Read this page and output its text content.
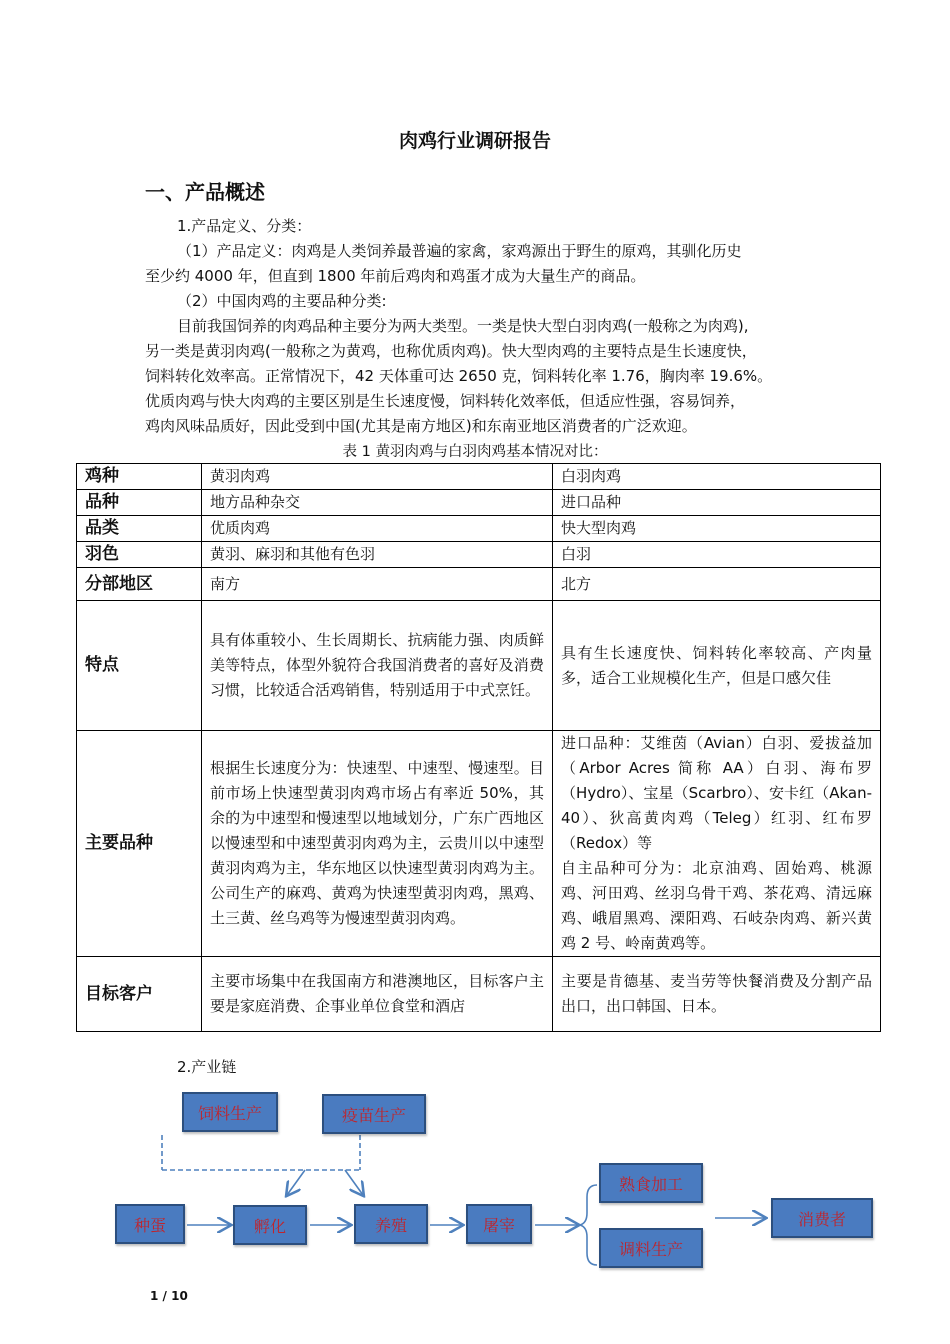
肉鸡行业调研报告
一、产品概述
1.产品定义、分类：
（1）产品定义：肉鸡是人类饲养最普遍的家禽，家鸡源出于野生的原鸡，其驯化历史
至少约 4000 年，但直到 1800 年前后鸡肉和鸡蛋才成为大量生产的商品。
（2）中国肉鸡的主要品种分类:
目前我国饲养的肉鸡品种主要分为两大类型。一类是快大型白羽肉鸡(一般称之为肉鸡),
另一类是黄羽肉鸡(一般称之为黄鸡，也称优质肉鸡)。快大型肉鸡的主要特点是生长速度快，
饲料转化效率高。正常情况下，42 天体重可达 2650 克，饲料转化率 1.76，胸肉率 19.6%。
优质肉鸡与快大肉鸡的主要区别是生长速度慢，饲料转化效率低，但适应性强，容易饲养，
鸡肉风味品质好，因此受到中国(尤其是南方地区)和东南亚地区消费者的广泛欢迎。
表 1 黄羽肉鸡与白羽肉鸡基本情况对比：
鸡种	黄羽肉鸡	白羽肉鸡
品种	地方品种杂交	进口品种
品类	优质肉鸡	快大型肉鸡
羽色	黄羽、麻羽和其他有色羽	白羽
分部地区	南方	北方
特点	具有体重较小、生长周期长、抗病能力强、肉质鲜美等特点，体型外貌符合我国消费者的喜好及消费习惯，比较适合活鸡销售，特别适用于中式烹饪。	具有生长速度快、饲料转化率较高、产肉量多，适合工业规模化生产，但是口感欠佳
主要品种	根据生长速度分为：快速型、中速型、慢速型。目前市场上快速型黄羽肉鸡市场占有率近 50%，其余的为中速型和慢速型以地域划分，广东广西地区以慢速型和中速型黄羽肉鸡为主，云贵川以中速型黄羽肉鸡为主，华东地区以快速型黄羽肉鸡为主。公司生产的麻鸡、黄鸡为快速型黄羽肉鸡，黑鸡、土三黄、丝乌鸡等为慢速型黄羽肉鸡。	进口品种：艾维茵（Avian）白羽、爱拔益加（Arbor Acres 简称 AA）白羽、海布罗（Hydro）、宝星（Scarbro）、安卡红（Akan-40）、狄高黄肉鸡（Teleg）红羽、红布罗（Redox）等
自主品种可分为：北京油鸡、固始鸡、桃源鸡、河田鸡、丝羽乌骨干鸡、茶花鸡、清远麻鸡、峨眉黑鸡、溧阳鸡、石岐杂肉鸡、新兴黄鸡 2 号、岭南黄鸡等。

目标客户	主要市场集中在我国南方和港澳地区，目标客户主要是家庭消费、企事业单位食堂和酒店	主要是肯德基、麦当劳等快餐消费及分割产品出口，出口韩国、日本。
2.产业链
饲料生产	疫苗生产
种蛋	孵化	养殖	屠宰
熟食加工
调料生产
消费者
1 / 10
